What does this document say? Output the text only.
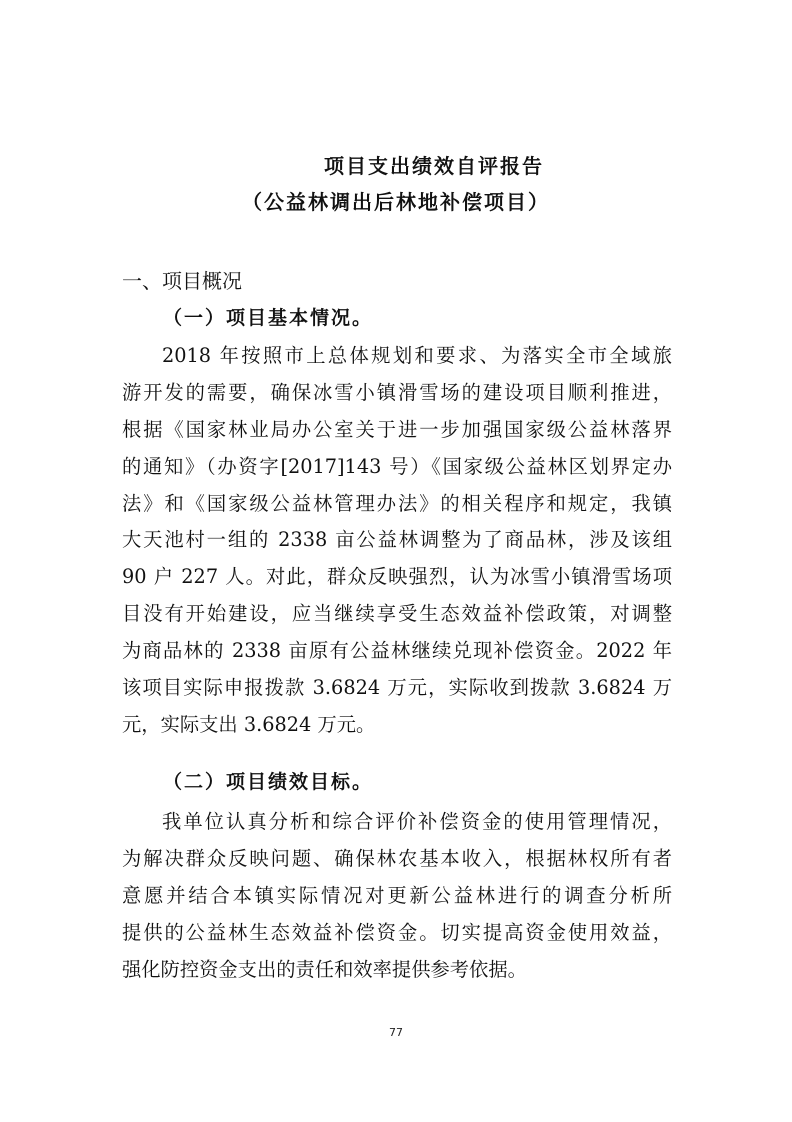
项目支出绩效自评报告
（公益林调出后林地补偿项目）
一、项目概况
（一）项目基本情况。
2018 年按照市上总体规划和要求、为落实全市全域旅
游开发的需要，确保冰雪小镇滑雪场的建设项目顺利推进，
根据《国家林业局办公室关于进一步加强国家级公益林落界
的通知》（办资字[2017]143 号）《国家级公益林区划界定办
法》和《国家级公益林管理办法》的相关程序和规定，我镇
大天池村一组的 2338 亩公益林调整为了商品林，涉及该组
90 户 227 人。对此，群众反映强烈，认为冰雪小镇滑雪场项
目没有开始建设，应当继续享受生态效益补偿政策，对调整
为商品林的 2338 亩原有公益林继续兑现补偿资金。2022 年
该项目实际申报拨款 3.6824 万元，实际收到拨款 3.6824 万
元，实际支出 3.6824 万元。
（二）项目绩效目标。
我单位认真分析和综合评价补偿资金的使用管理情况，
为解决群众反映问题、确保林农基本收入，根据林权所有者
意愿并结合本镇实际情况对更新公益林进行的调查分析所
提供的公益林生态效益补偿资金。切实提高资金使用效益，
强化防控资金支出的责任和效率提供参考依据。
77
